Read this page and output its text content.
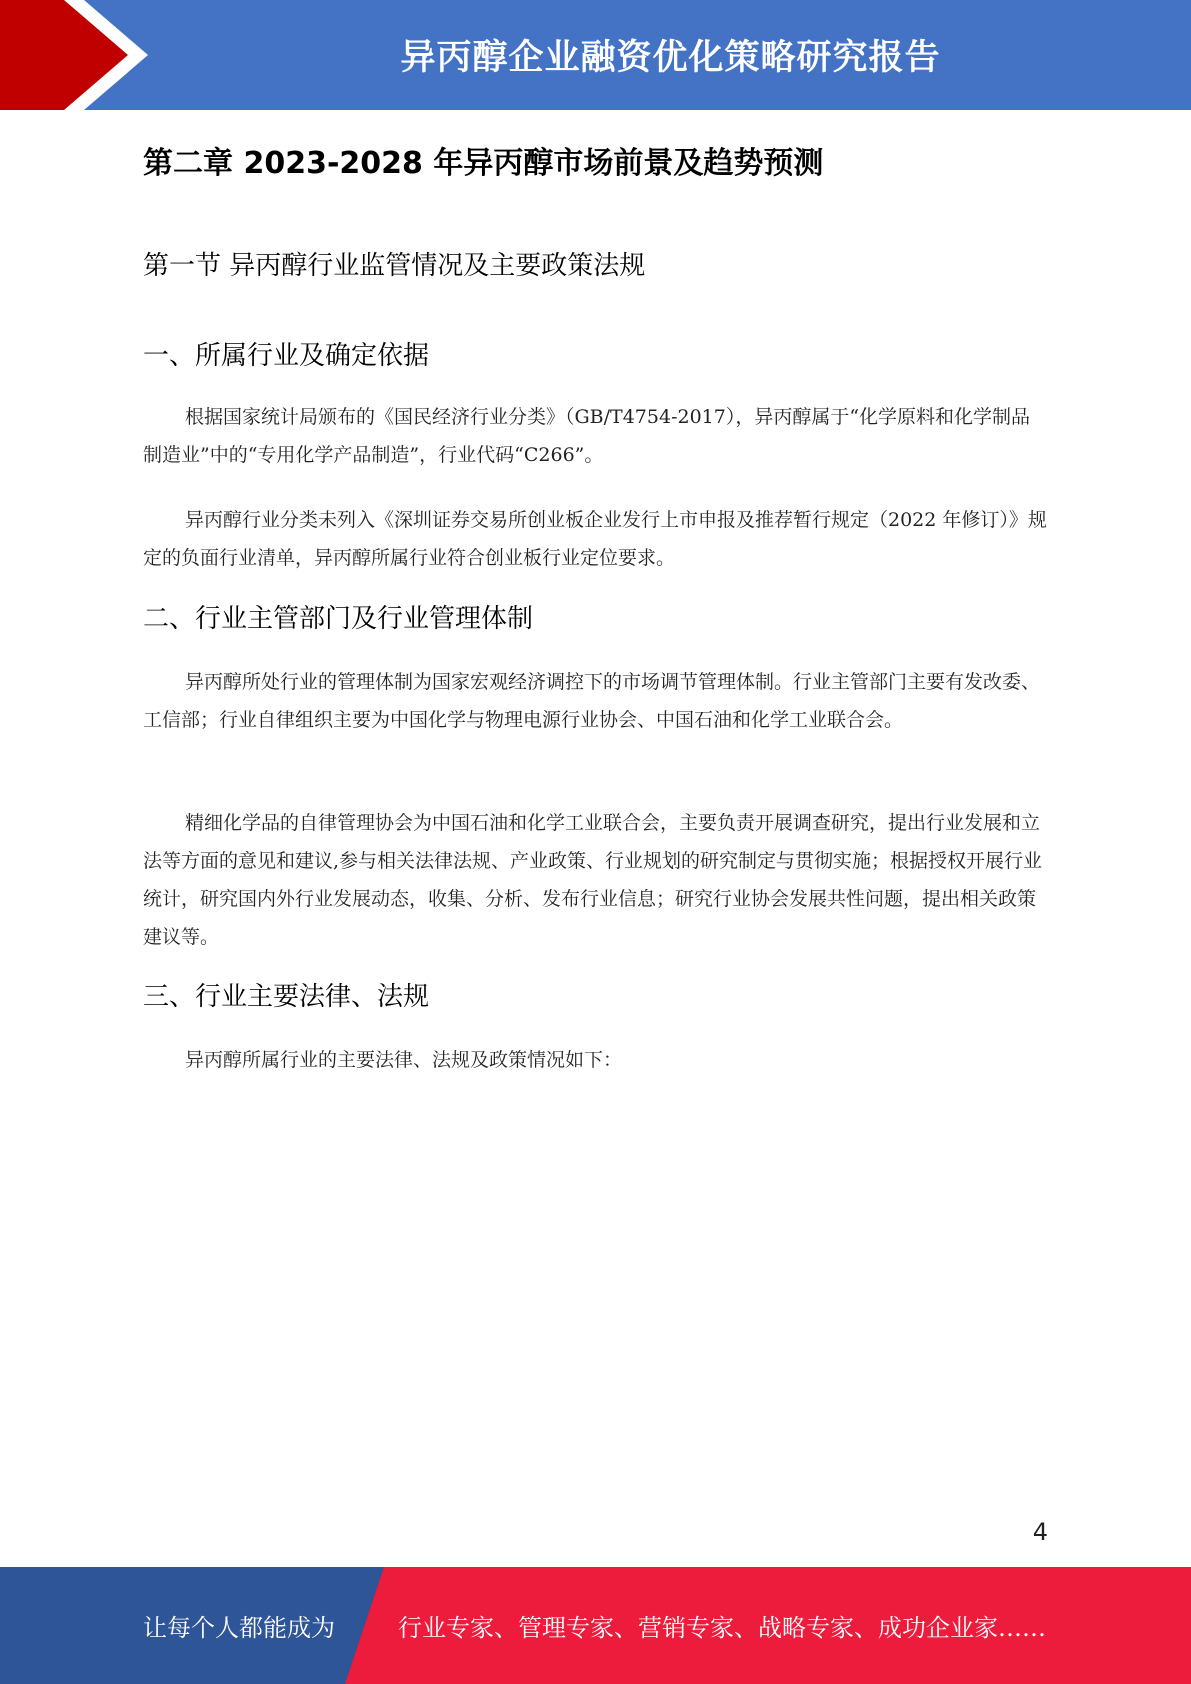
异丙醇企业融资优化策略研究报告
第二章 2023-2028 年异丙醇市场前景及趋势预测
第一节 异丙醇行业监管情况及主要政策法规
一、所属行业及确定依据

根据国家统计局颁布的《国民经济行业分类》（GB/T4754-2017），异丙醇属于“化学原料和化学制品制造业”中的“专用化学产品制造”，行业代码“C266”。

异丙醇行业分类未列入《深圳证券交易所创业板企业发行上市申报及推荐暂行规定（2022 年修订）》规定的负面行业清单，异丙醇所属行业符合创业板行业定位要求。

二、行业主管部门及行业管理体制

异丙醇所处行业的管理体制为国家宏观经济调控下的市场调节管理体制。行业主管部门主要有发改委、工信部；行业自律组织主要为中国化学与物理电源行业协会、中国石油和化学工业联合会。

精细化学品的自律管理协会为中国石油和化学工业联合会，主要负责开展调查研究，提出行业发展和立法等方面的意见和建议,参与相关法律法规、产业政策、行业规划的研究制定与贯彻实施；根据授权开展行业统计，研究国内外行业发展动态，收集、分析、发布行业信息；研究行业协会发展共性问题，提出相关政策建议等。

三、行业主要法律、法规

异丙醇所属行业的主要法律、法规及政策情况如下：

4
让每个人都能成为	行业专家、管理专家、营销专家、战略专家、成功企业家……
